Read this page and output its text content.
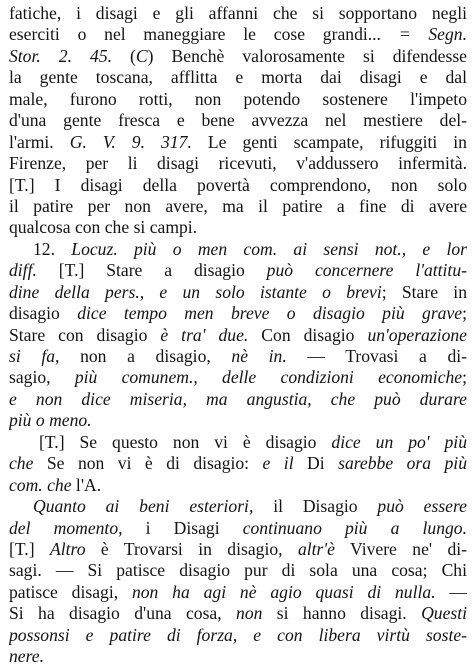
fatiche, i disagi e gli affanni che si sopportano negli
eserciti o nel maneggiare le cose grandi... = Segn.
Stor. 2. 45. (C) Benchè valorosamente si difendesse
la gente toscana, afflitta e morta dai disagi e dal
male, furono rotti, non potendo sostenere l'impeto
d'una gente fresca e bene avvezza nel mestiere del-
l'armi. G. V. 9. 317. Le genti scampate, rifuggiti in
Firenze, per li disagi ricevuti, v'addussero infermità.
[T.] I disagi della povertà comprendono, non solo
il patire per non avere, ma il patire a fine di avere
qualcosa con che si campi.
12. Locuz. più o men com. ai sensi not., e lor
diff. [T.] Stare a disagio può concernere l'attitu-
dine della pers., e un solo istante o brevi; Stare in
disagio dice tempo men breve o disagio più grave;
Stare con disagio è tra' due. Con disagio un'operazione
si fa, non a disagio, nè in. — Trovasi a di-
sagio, più comunem., delle condizioni economiche;
e non dice miseria, ma angustia, che può durare
più o meno.
[T.] Se questo non vi è disagio dice un po' più
che Se non vi è di disagio: e il Di sarebbe ora più
com. che l'A.
Quanto ai beni esteriori, il Disagio può essere
del momento, i Disagi continuano più a lungo.
[T.] Altro è Trovarsi in disagio, altr'è Vivere ne' di-
sagi. — Si patisce disagio pur di sola una cosa; Chi
patisce disagi, non ha agi nè agio quasi di nulla. —
Si ha disagio d'una cosa, non si hanno disagi. Questi
possonsi e patire di forza, e con libera virtù soste-
nere.
